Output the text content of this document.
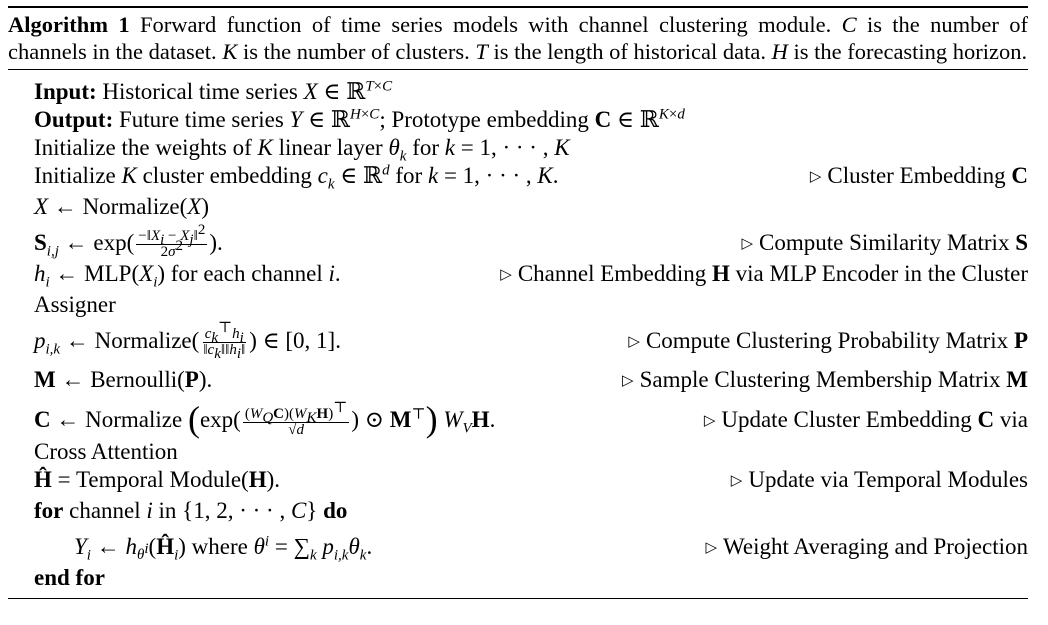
Algorithm 1 Forward function of time series models with channel clustering module. C is the number of channels in the dataset. K is the number of clusters. T is the length of historical data. H is the forecasting horizon.
Input: Historical time series X ∈ ℝ$^{T\times C}$
Output: Future time series Y ∈ ℝ$^{H\times C}$; Prototype embedding C ∈ ℝ$^{K\times d}$
Initialize the weights of K linear layer $\theta_k$ for k = 1, · · · , K
Initialize K cluster embedding $c_k$ ∈ ℝ$^d$ for k = 1, · · · , K.	▷ Cluster Embedding C
X ← Normalize(X)
$S_{i,j}$ ← $\exp( \frac{-‖X_i - X_j‖^2}{2\sigma^2}$ ).	▷ Compute Similarity Matrix S
$h_i$ ← $MLP(X_i)$ for each channel i.	▷ Channel Embedding H via MLP Encoder in the Cluster
Assigner
$p_{i,k}$ ← Normalize( $\frac{c_k^⊤h_i}{‖c_k‖‖h_i‖}$ ) ∈ [0, 1].	▷ Compute Clustering Probability Matrix P
M ← Bernoulli(P).	▷ Sample Clustering Membership Matrix M
C ← Normalize ($\exp( \frac{(W_QC)(W_KH)^⊤}{√d}$ ) ⊙ M⊤) $W_VH$.	▷ Update Cluster Embedding C via
Cross Attention
Ĥ = Temporal Module(H).	▷ Update via Temporal Modules
for channel i in {1, 2, · · · , C} do
$Y_i$ ← $h_{\theta^i}(Ĥ_i)$ where $\theta^i = \sum_k$ $p_{i,k}\theta_k$.	▷ Weight Averaging and Projection
end for
